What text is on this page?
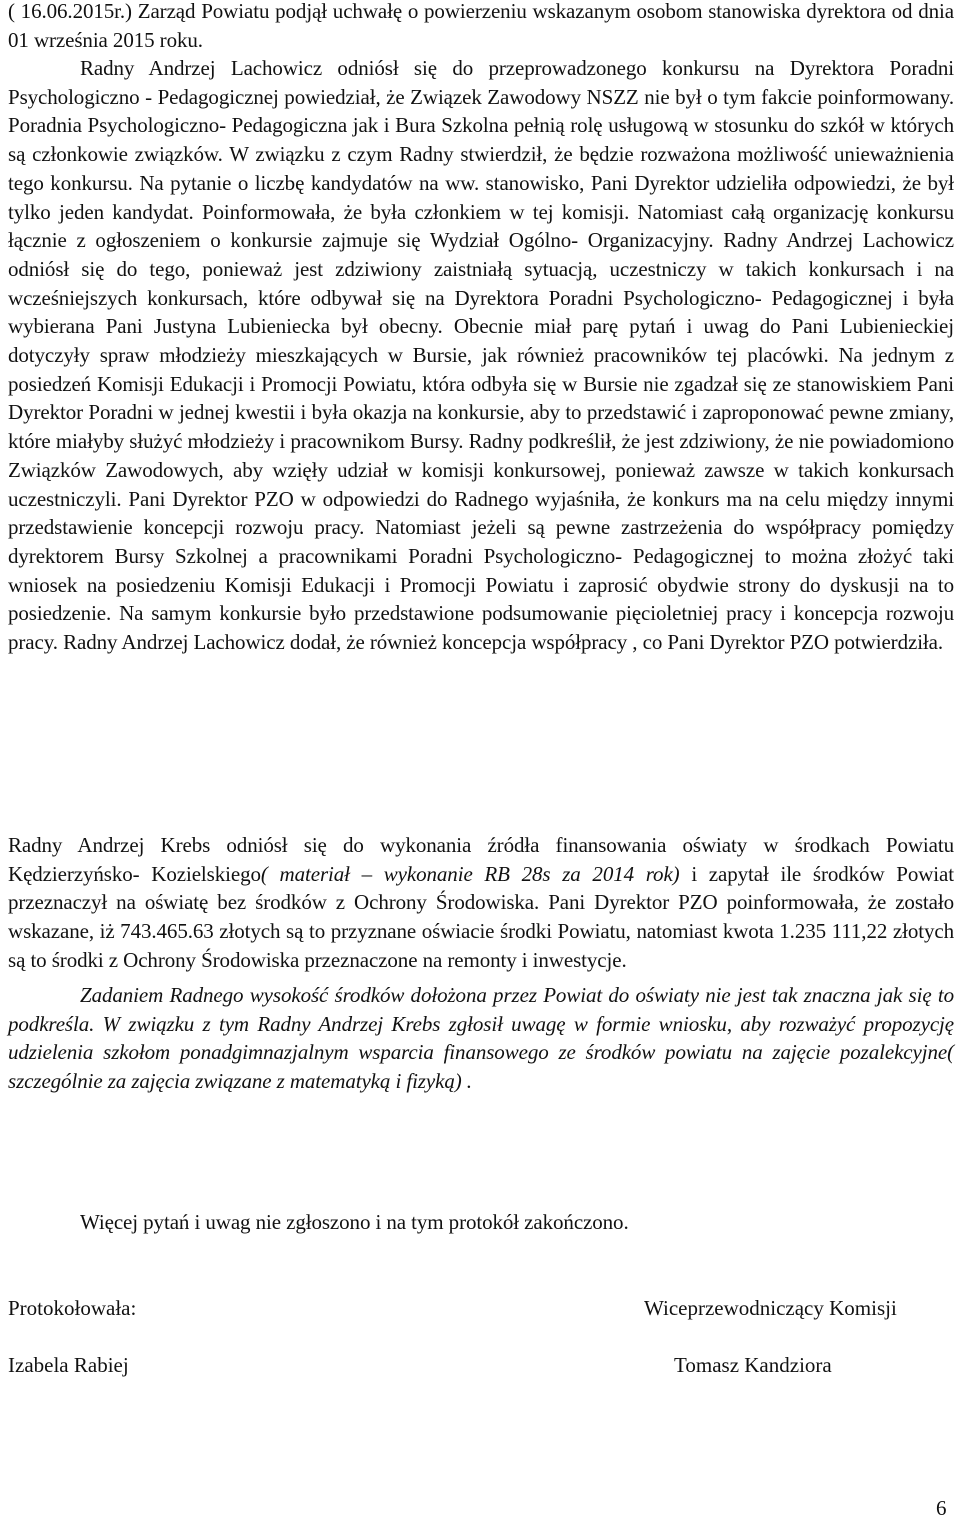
( 16.06.2015r.) Zarząd Powiatu podjął uchwałę o powierzeniu wskazanym osobom stanowiska dyrektora od dnia 01 września 2015 roku.

Radny Andrzej Lachowicz odniósł się do przeprowadzonego konkursu na Dyrektora Poradni Psychologiczno - Pedagogicznej powiedział, że Związek Zawodowy NSZZ nie był o tym fakcie poinformowany. Poradnia Psychologiczno- Pedagogiczna jak i Bura Szkolna pełnią rolę usługową w stosunku do szkół w których są członkowie związków. W związku z czym Radny stwierdził, że będzie rozważona możliwość unieważnienia tego konkursu. Na pytanie o liczbę kandydatów na ww. stanowisko, Pani Dyrektor udzieliła odpowiedzi, że był tylko jeden kandydat. Poinformowała, że była członkiem w tej komisji. Natomiast całą organizację konkursu łącznie z ogłoszeniem o konkursie zajmuje się Wydział Ogólno- Organizacyjny. Radny Andrzej Lachowicz odniósł się do tego, ponieważ jest zdziwiony zaistniałą sytuacją, uczestniczy w takich konkursach i na wcześniejszych konkursach, które odbywał się na Dyrektora Poradni Psychologiczno- Pedagogicznej i była wybierana Pani Justyna Lubieniecka był obecny. Obecnie miał parę pytań i uwag do Pani Lubienieckiej dotyczyły spraw młodzieży mieszkających w Bursie, jak również pracowników tej placówki. Na jednym z posiedzeń Komisji Edukacji i Promocji Powiatu, która odbyła się w Bursie nie zgadzał się ze stanowiskiem Pani Dyrektor Poradni w jednej kwestii i była okazja na konkursie, aby to przedstawić i zaproponować pewne zmiany, które miałyby służyć młodzieży i pracownikom Bursy. Radny podkreślił, że jest zdziwiony, że nie powiadomiono Związków Zawodowych, aby wzięły udział w komisji konkursowej, ponieważ zawsze w takich konkursach uczestniczyli. Pani Dyrektor PZO w odpowiedzi do Radnego wyjaśniła, że konkurs ma na celu między innymi przedstawienie koncepcji rozwoju pracy. Natomiast jeżeli są pewne zastrzeżenia do współpracy pomiędzy dyrektorem Bursy Szkolnej a pracownikami Poradni Psychologiczno- Pedagogicznej to można złożyć taki wniosek na posiedzeniu Komisji Edukacji i Promocji Powiatu i zaprosić obydwie strony do dyskusji na to posiedzenie. Na samym konkursie było przedstawione podsumowanie pięcioletniej pracy i koncepcja rozwoju pracy. Radny Andrzej Lachowicz dodał, że również koncepcja współpracy , co Pani Dyrektor PZO potwierdziła.

Radny Andrzej Krebs odniósł się do wykonania źródła finansowania oświaty w środkach Powiatu Kędzierzyńsko- Kozielskiego( materiał – wykonanie RB 28s za 2014 rok) i zapytał ile środków Powiat przeznaczył na oświatę bez środków z Ochrony Środowiska. Pani Dyrektor PZO poinformowała, że zostało wskazane, iż 743.465.63 złotych są to przyznane oświacie środki Powiatu, natomiast kwota 1.235 111,22 złotych są to środki z Ochrony Środowiska przeznaczone na remonty i inwestycje.

Zadaniem Radnego wysokość środków dołożona przez Powiat do oświaty nie jest tak znaczna jak się to podkreśla. W związku z tym Radny Andrzej Krebs zgłosił uwagę w formie wniosku, aby rozważyć propozycję udzielenia szkołom ponadgimnazjalnym wsparcia finansowego ze środków powiatu na zajęcie pozalekcyjne( szczególnie za zajęcia związane z matematyką i fizyką) .

Więcej pytań i uwag nie zgłoszono i na tym protokół zakończono.

Protokołowała:

Izabela Rabiej

Wiceprzewodniczący Komisji

Tomasz Kandziora

6
